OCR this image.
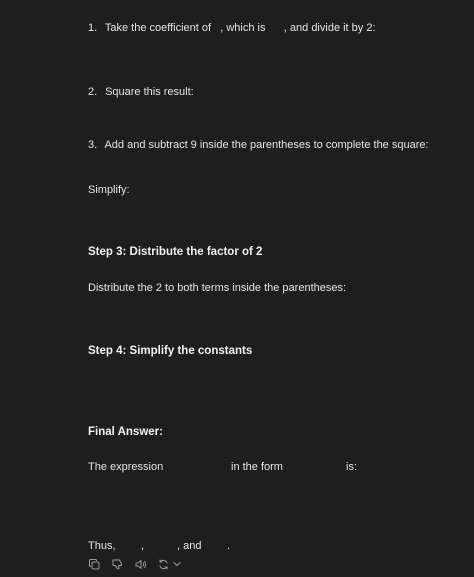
1. Take the coefficient of   , which is      , and divide it by 2:
2. Square this result:
3. Add and subtract 9 inside the parentheses to complete the square:
Simplify:
Step 3: Distribute the factor of 2
Distribute the 2 to both terms inside the parentheses:
Step 4: Simplify the constants
Final Answer:
The expression	in the form	is:
Thus, ,	, and .
